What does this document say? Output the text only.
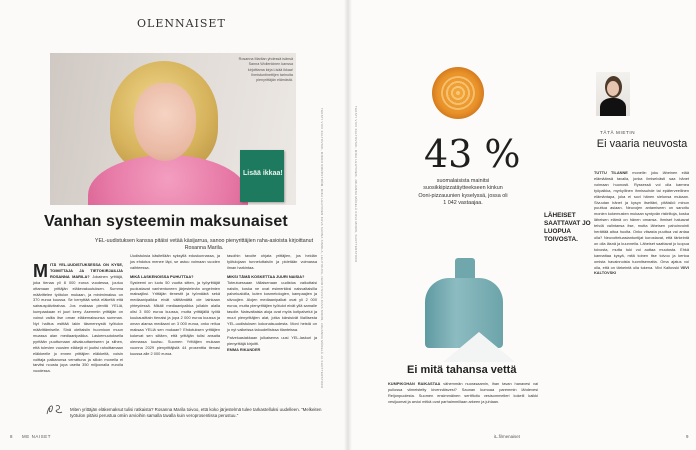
OLENNAISET
Rosanna Marilan yhdessä isänsä Sanna Wollenkinen kanssa kirjoittama kirja Lisää ikkaa! Ihmistuntinettijen tarinoita pienyrittäjän elämästä.
Lisää ikkaa!
Vanhan systeemin maksunaiset
YEL-uudistuksen kanssa pitäisi vetää käsijarrua, sanoo pienyrittäjien raha-asioista kirjoittanut Rosanna Marila.
M ITÄ YEL-UUDISTUKSESSA ON KYSE, TOIMITTAJA JA TIETOKIRJAILIJA ROSANNA MARILA? Jokainen yrittäjä, joka tienaa yli 8 000 euroa vuodessa, joutuu ottamaan yrittäjän eläkevakuutuksen. Summa määrittelee työtulon mukaan, ja minimimaksu on 370 euroa kuussa. Se kerryttää sekä eläkettä että sairauspäivärahaa. Jos maksaa pienitä YELiä, kumpaakaan ei juuri kerry. Asemmin yrittäjän on voinut valita itse oman eläkemaksunsa summan. Nyt halitus esittää lakin täsmennystä työtulon määrittämiselle. Sinä oleltaisiin huomioon muun muassa alan mediaanipalkka. Laskemuutoksella pyritään puuttumaan alivakuuttamiseen ja siihen, että tulevien vuosien eläkejä ei joutisi rahoittamaan eläkkeelle jo ennen yrittäjien eläkkeitä, voisin voittaja palkarunsa verrattuna ja silloin monella ei tarvitsi nousta jopa useita 350 miljoonalla eurolla vuodessa.
Uudistuksia käsitellään syksyllä eduskunnassa, ja jos ehdotus menee läpi, se astuu voimaan vuoden vaihteessa.
MIKÄ LASKENOISSA PUHUTTAA?
Systeemi on luotu 50 vuotta sitten, ja työyrittäjät puolustavat vanhentuneen järjestelmän ongelmien maksajiksi. Yrittäjän tienestit ja työmäärä sekä mediaanipalkka eivät välttämättä ole lainkaan yhteydessä. Mikäli mediaanipalkka jollakin alalla olisi 3 000 euroa kuussa, mutta yrittäjällä työtä kuukausittain tienaisi ja jopa 2 000 euroa kuussa ja oman alansa mediaani on 3 000 euroa, onko reilua maksaa YELiä sen mukaan? Ehdotuksen yrittäjien kokevat sen siltäen, että yrittäjän tulisi ansaita olemassa kuutsu. Suomen Yrittäjien mukaan vuonna 2029 pienyrittäjistä 44 prosenttia tienasi kuussa alle 2 000 euroa.
tasoihin tavoite ohjata yrittäjien, jos heidän työtulojaan tunneluttaisiin ja pidetään voimassa ilman harkintaa.
MIKSI TÄMÄ KOSKETTAA JUURI NAISIA?
Toteutuessaan tällaisenaan uudistus vaikuttaisi naisiin, koska ne ovat esimerkiksi naisvaltaisilla palvelualoilla, kuten kosmetologien, kampaajien ja siivoojien. Alojen mediaanipalkat ovat yli 2 000 euroa, mutta pienyrittäjien työtulot eivät yllä samalle tasolle. Naisvaltaisia aloja ovat myös kotipalvelut ja muut pienyrittäjien alat, jotka kärsisivät liiallisesta YEL-uudistuksen kokonaisuudesta. Moni heistä on jo nyt vaikeissa taloudellisissa tilanteissa.
Palveluasiakkaan julkaisema uusi YEL-laskuri ja pienyrittäjä kirjoitti.
EMMA RIKANDER	TEKSTI VIIVI KALTOVSKI, MIKKO NORDSTRÖM, MIKA LEHTINEN KUVA SANNA SIMOLA, LEHTIKUVA, IGOR PIZZAS KUVA MOON, JOHANNA MÄKELÄ JA SHUTTERSTOCK
Miten yrittäjän eläkemaksut tulisi ratkaista? Rosanna Marila toivoo, että koko järjestelmä tulee tarkastelluksi uudelleen. "Melkeiten työtulon pitäisi perustua omiin arvioihin samalla tavalla kuin veroprosentissa perustuu."
8 ME NAISET
TEKSTI VIIVI KALTOVSKI, MIKA LEHTINEN, JOHANNA MÄKELÄ KUVA MOON, SHUTTERSTOCK 43 %
suomalaisista mainitsi suosikkipizzatäytteekseen kinkun Ooni-pizzauunien kyselyssä, jossa oli 1 042 vastaajaa.
Ei mitä tahansa vettä
KUMPIKOHAN RAIKASTAA vähemmän nuorasaamin, ihan tavan hanavesi vai pullossa viimeistelty kivennäisvesi? Saunan kumoaa paremmin lähdevesi Reijonpuolesta. Suomen ensimmäinen sertifioitu vesisommelieri kokeili kaikki vesijuomat ja arvioi mitkä ovat parhaimmillaan arkeen ja juhlaan.
TÄTÄ MIETIN
Ei vaaria neuvosta
LÄHEISET SAATTAVAT JO LUOPUA TOIVOSTA.
TUTTU TILANNE monelle: joku läheinen elää elämäänsä tavalla, jonka ilmiselvästi saa hänet voimaan huonosti. Ryssessä voi olla karmea työpaikka, myrkyllinen ihmissuhde tai epäterveellinen elämäntapa, joka ei sovi hänen sielunsa mukaan. Sivuutan hänet ja kysyn itseltäni, pitäisikö minun puuttua asiaan. Neuvojen antamiseen on sanottu monien kokemusten mukaan syntyvän ristiriitoja, koska läheisen elämä on hänen omansa. Ihmiset haluavat tehdä valintansa itse, mutta läheisen pahoinvointi herättää aitoa huolta. Onko viisasta puuttua vai antaa olla? Neuvotteluasiantuntijat korostavat, että tärkeintä on olla läsnä ja kuunnella. Läheiset saattavat jo luopua toivosta, mutta tuki voi auttaa muutosta. Ehkä kannattaa kysyä, mitä toinen itse toivoo ja kertoa omista havainnoista tuomitsematta. Oma ajatus voi olla, että on tärkeintä olla tukena. Viivi Kaltovski VIIVI KALTOVSKI
iL.fi/menaiset	9
